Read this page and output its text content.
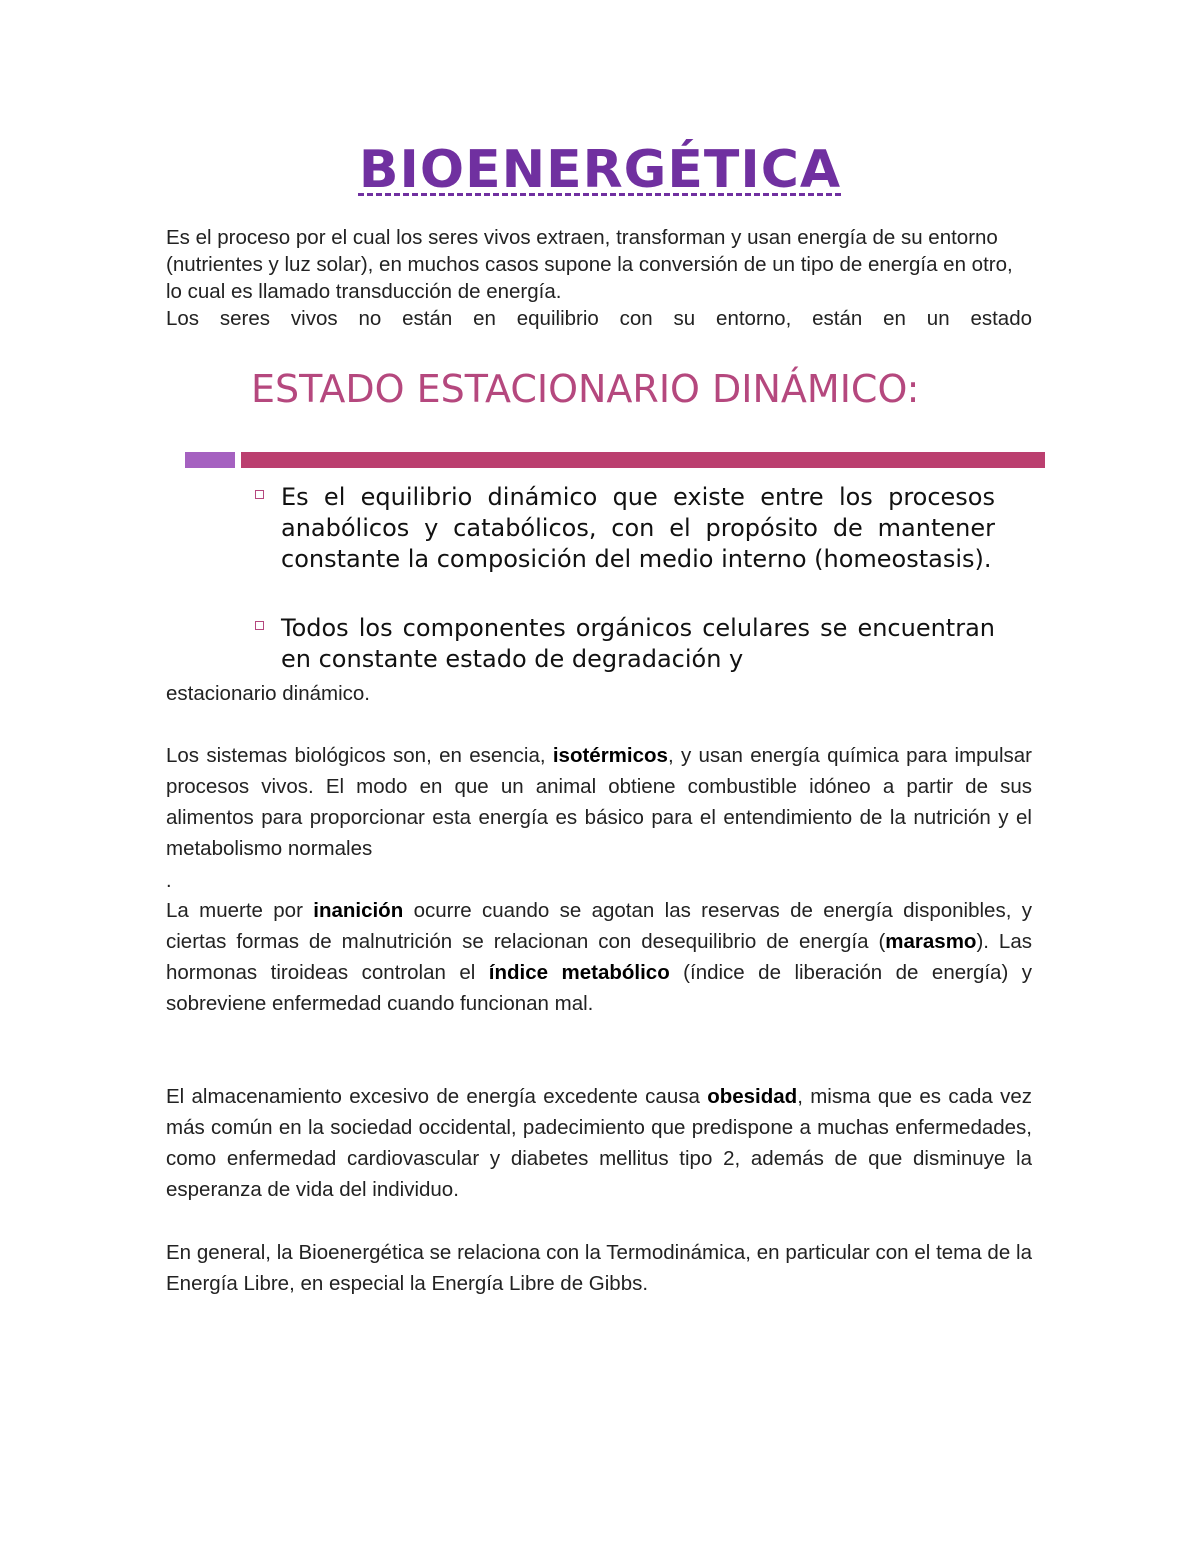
BIOENERGÉTICA

Es el proceso por el cual los seres vivos extraen, transforman y usan energía de su entorno (nutrientes y luz solar), en muchos casos supone la conversión de un tipo de energía en otro, lo cual es llamado transducción de energía.
Los seres vivos no están en equilibrio con su entorno, están en un estado

ESTADO ESTACIONARIO DINÁMICO:
Es el equilibrio dinámico que existe entre los procesos anabólicos y catabólicos, con el propósito de mantener constante la composición del medio interno (homeostasis).
Todos los componentes orgánicos celulares se encuentran en constante estado de degradación y

estacionario dinámico.

Los sistemas biológicos son, en esencia, isotérmicos, y usan energía química para impulsar procesos vivos. El modo en que un animal obtiene combustible idóneo a partir de sus alimentos para proporcionar esta energía es básico para el entendimiento de la nutrición y el metabolismo normales

.

La muerte por inanición ocurre cuando se agotan las reservas de energía disponibles, y ciertas formas de malnutrición se relacionan con desequilibrio de energía (marasmo). Las hormonas tiroideas controlan el índice metabólico (índice de liberación de energía) y sobreviene enfermedad cuando funcionan mal.

El almacenamiento excesivo de energía excedente causa obesidad, misma que es cada vez más común en la sociedad occidental, padecimiento que predispone a muchas enfermedades, como enfermedad cardiovascular y diabetes mellitus tipo 2, además de que disminuye la esperanza de vida del individuo.

En general, la Bioenergética se relaciona con la Termodinámica, en particular con el tema de la Energía Libre, en especial la Energía Libre de Gibbs.
